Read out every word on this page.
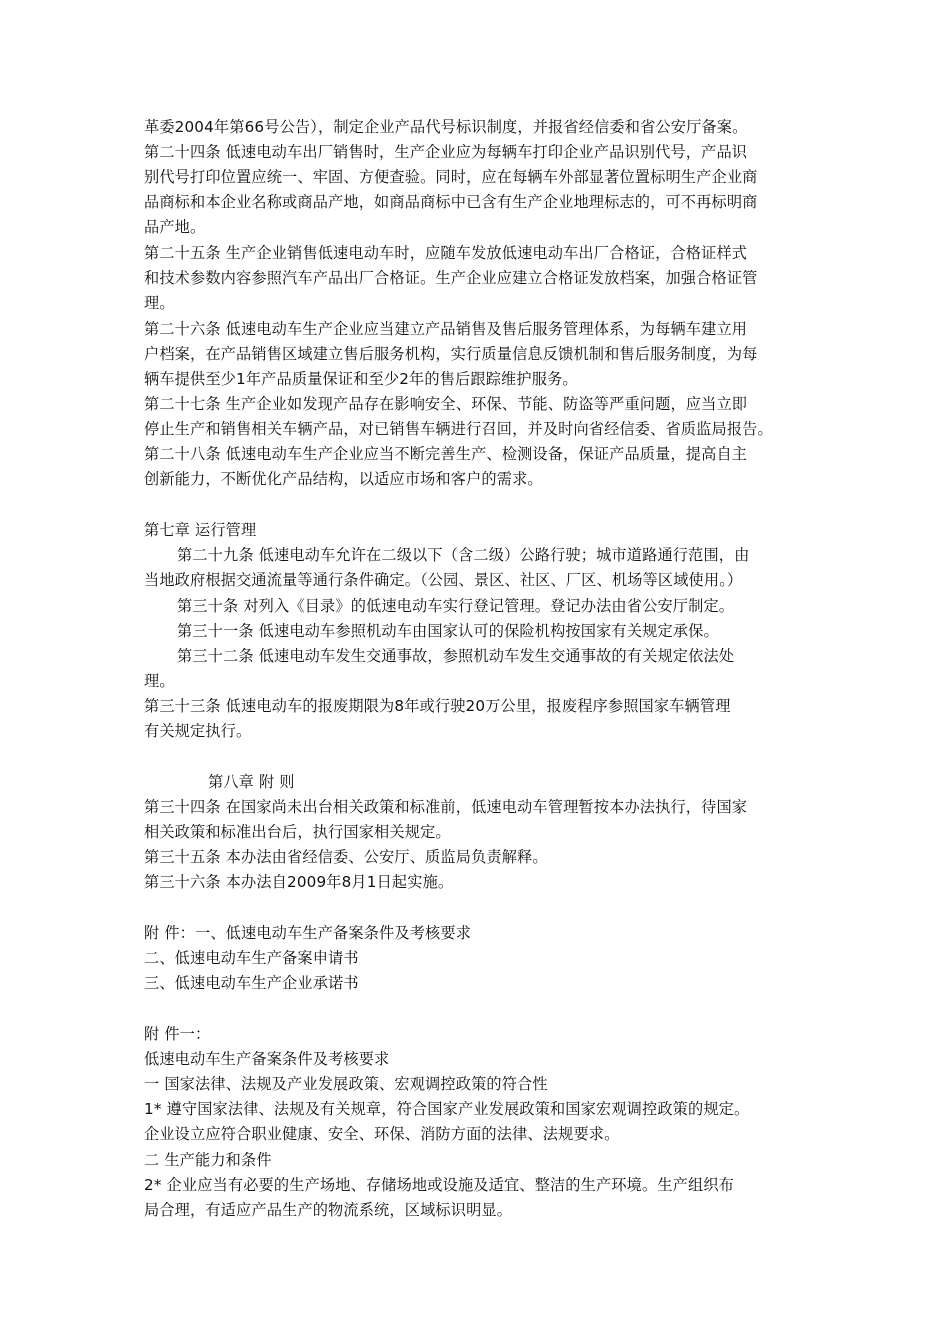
革委2004年第66号公告），制定企业产品代号标识制度，并报省经信委和省公安厅备案。
第二十四条 低速电动车出厂销售时，生产企业应为每辆车打印企业产品识别代号，产品识
别代号打印位置应统一、牢固、方便查验。同时，应在每辆车外部显著位置标明生产企业商
品商标和本企业名称或商品产地，如商品商标中已含有生产企业地理标志的，可不再标明商
品产地。
第二十五条 生产企业销售低速电动车时，应随车发放低速电动车出厂合格证，合格证样式
和技术参数内容参照汽车产品出厂合格证。生产企业应建立合格证发放档案，加强合格证管
理。
第二十六条 低速电动车生产企业应当建立产品销售及售后服务管理体系，为每辆车建立用
户档案，在产品销售区域建立售后服务机构，实行质量信息反馈机制和售后服务制度，为每
辆车提供至少1年产品质量保证和至少2年的售后跟踪维护服务。
第二十七条 生产企业如发现产品存在影响安全、环保、节能、防盗等严重问题，应当立即
停止生产和销售相关车辆产品，对已销售车辆进行召回，并及时向省经信委、省质监局报告。
第二十八条 低速电动车生产企业应当不断完善生产、检测设备，保证产品质量，提高自主
创新能力，不断优化产品结构，以适应市场和客户的需求。
第七章 运行管理
第二十九条 低速电动车允许在二级以下（含二级）公路行驶；城市道路通行范围，由
当地政府根据交通流量等通行条件确定。（公园、景区、社区、厂区、机场等区域使用。）
第三十条 对列入《目录》的低速电动车实行登记管理。登记办法由省公安厅制定。
第三十一条 低速电动车参照机动车由国家认可的保险机构按国家有关规定承保。
第三十二条 低速电动车发生交通事故，参照机动车发生交通事故的有关规定依法处
理。
第三十三条 低速电动车的报废期限为8年或行驶20万公里，报废程序参照国家车辆管理
有关规定执行。
第八章 附 则
第三十四条 在国家尚未出台相关政策和标准前，低速电动车管理暂按本办法执行，待国家
相关政策和标准出台后，执行国家相关规定。
第三十五条 本办法由省经信委、公安厅、质监局负责解释。
第三十六条 本办法自2009年8月1日起实施。
附 件：一、低速电动车生产备案条件及考核要求
二、低速电动车生产备案申请书
三、低速电动车生产企业承诺书
附 件一：
低速电动车生产备案条件及考核要求
一 国家法律、法规及产业发展政策、宏观调控政策的符合性
1* 遵守国家法律、法规及有关规章，符合国家产业发展政策和国家宏观调控政策的规定。
企业设立应符合职业健康、安全、环保、消防方面的法律、法规要求。
二 生产能力和条件
2* 企业应当有必要的生产场地、存储场地或设施及适宜、整洁的生产环境。生产组织布
局合理，有适应产品生产的物流系统，区域标识明显。
